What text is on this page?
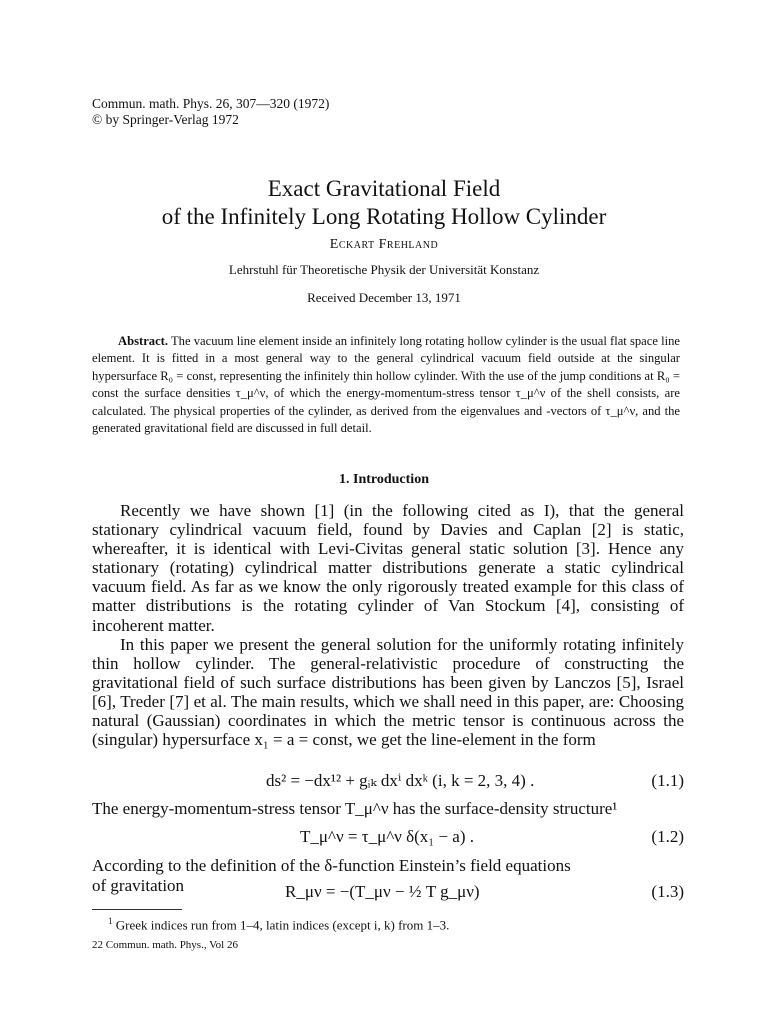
Commun. math. Phys. 26, 307—320 (1972)
© by Springer-Verlag 1972
Exact Gravitational Field
of the Infinitely Long Rotating Hollow Cylinder
Eckart Frehland
Lehrstuhl für Theoretische Physik der Universität Konstanz
Received December 13, 1971
Abstract. The vacuum line element inside an infinitely long rotating hollow cylinder is the usual flat space line element. It is fitted in a most general way to the general cylindrical vacuum field outside at the singular hypersurface R₀ = const, representing the infinitely thin hollow cylinder. With the use of the jump conditions at R₀ = const the surface densities τ_μ^ν, of which the energy-momentum-stress tensor τ_μ^ν of the shell consists, are calculated. The physical properties of the cylinder, as derived from the eigenvalues and -vectors of τ_μ^ν, and the generated gravitational field are discussed in full detail.
1. Introduction

Recently we have shown [1] (in the following cited as I), that the general stationary cylindrical vacuum field, found by Davies and Caplan [2] is static, whereafter, it is identical with Levi-Civitas general static solution [3]. Hence any stationary (rotating) cylindrical matter distributions generate a static cylindrical vacuum field. As far as we know the only rigorously treated example for this class of matter distributions is the rotating cylinder of Van Stockum [4], consisting of incoherent matter.

In this paper we present the general solution for the uniformly rotating infinitely thin hollow cylinder. The general-relativistic procedure of constructing the gravitational field of such surface distributions has been given by Lanczos [5], Israel [6], Treder [7] et al. The main results, which we shall need in this paper, are: Choosing natural (Gaussian) coordinates in which the metric tensor is continuous across the (singular) hypersurface x₁ = a = const, we get the line-element in the form

ds² = −dx¹² + gᵢₖ dxⁱ dxᵏ (i, k = 2, 3, 4) .	(1.1)
The energy-momentum-stress tensor T_μ^ν has the surface-density structure¹
T_μ^ν = τ_μ^ν δ(x₁ − a) .	(1.2)
According to the definition of the δ-function Einstein’s field equations
of gravitation	R_μν = −(T_μν − ½ T g_μν)	(1.3)
$^1$ Greek indices run from 1–4, latin indices (except i, k) from 1–3.
22 Commun. math. Phys., Vol 26
